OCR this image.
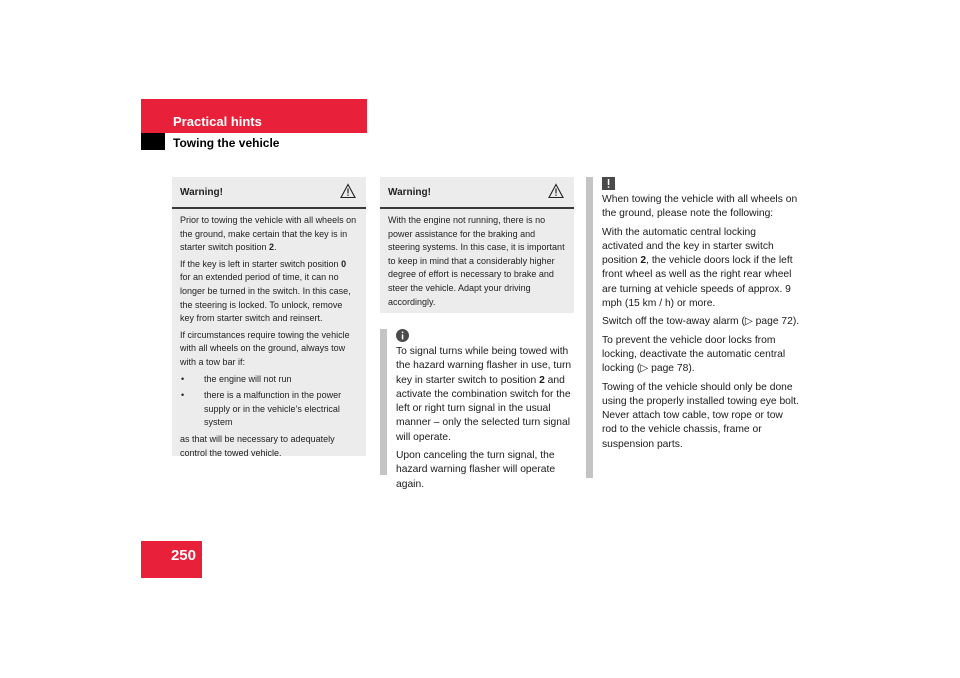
Practical hints
Towing the vehicle
Warning!

Prior to towing the vehicle with all wheels on the ground, make certain that the key is in starter switch position 2.

If the key is left in starter switch position 0 for an extended period of time, it can no longer be turned in the switch. In this case, the steering is locked. To unlock, remove key from starter switch and reinsert.

If circumstances require towing the vehicle with all wheels on the ground, always tow with a tow bar if:

• the engine will not run

• there is a malfunction in the power supply or in the vehicle’s electrical system

as that will be necessary to adequately control the towed vehicle.

Warning!

With the engine not running, there is no power assistance for the braking and steering systems. In this case, it is important to keep in mind that a considerably higher degree of effort is necessary to brake and steer the vehicle. Adapt your driving accordingly.

To signal turns while being towed with the hazard warning flasher in use, turn key in starter switch to position 2 and activate the combination switch for the left or right turn signal in the usual manner – only the selected turn signal will operate.

Upon canceling the turn signal, the hazard warning flasher will operate again.

When towing the vehicle with all wheels on the ground, please note the following:

With the automatic central locking activated and the key in starter switch position 2, the vehicle doors lock if the left front wheel as well as the right rear wheel are turning at vehicle speeds of approx. 9 mph (15 km / h) or more.

Switch off the tow-away alarm (▷ page 72).

To prevent the vehicle door locks from locking, deactivate the automatic central locking (▷ page 78).

Towing of the vehicle should only be done using the properly installed towing eye bolt. Never attach tow cable, tow rope or tow rod to the vehicle chassis, frame or suspension parts.

250
